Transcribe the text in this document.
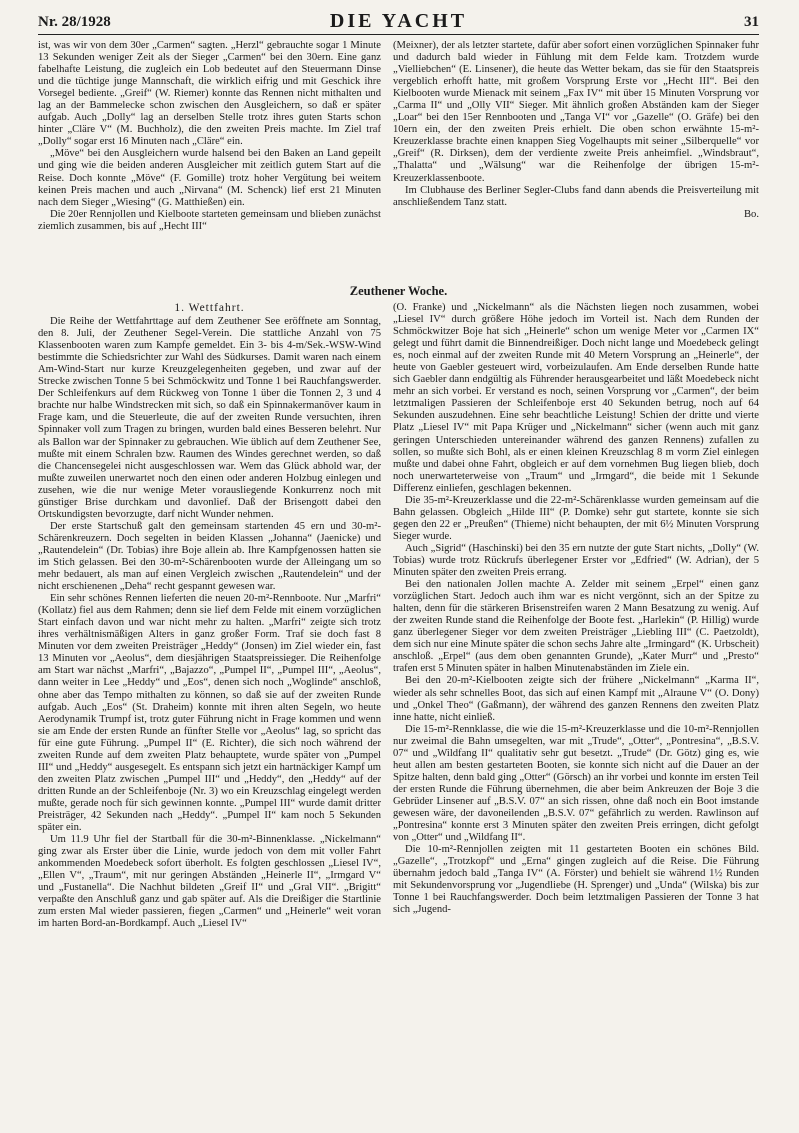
Nr. 28/1928	DIE YACHT	31

ist, was wir von dem 30er „Carmen“ sagten. „Herzl“ gebrauchte sogar 1 Minute 13 Sekunden weniger Zeit als der Sieger „Carmen“ bei den 30ern. Eine ganz fabelhafte Leistung, die zugleich ein Lob bedeutet auf den Steuermann Dinse und die tüchtige junge Mannschaft, die wirklich eifrig und mit Geschick ihre Vorsegel bediente. „Greif“ (W. Riemer) konnte das Rennen nicht mithalten und lag an der Bammelecke schon zwischen den Ausgleichern, so daß er später aufgab. Auch „Dolly“ lag an derselben Stelle trotz ihres guten Starts schon hinter „Cläre V“ (M. Buchholz), die den zweiten Preis machte. Im Ziel traf „Dolly“ sogar erst 16 Minuten nach „Cläre“ ein.

„Möve“ bei den Ausgleichern wurde halsend bei den Baken an Land gepeilt und ging wie die beiden anderen Ausgleicher mit zeitlich gutem Start auf die Reise. Doch konnte „Möve“ (F. Gomille) trotz hoher Vergütung bei weitem keinen Preis machen und auch „Nirvana“ (M. Schenck) lief erst 21 Minuten nach dem Sieger „Wiesing“ (G. Matthießen) ein.

Die 20er Rennjollen und Kielboote starteten gemeinsam und blieben zunächst ziemlich zusammen, bis auf „Hecht III“

(Meixner), der als letzter startete, dafür aber sofort einen vorzüglichen Spinnaker fuhr und dadurch bald wieder in Fühlung mit dem Felde kam. Trotzdem wurde „Vielliebchen“ (E. Linsener), die heute das Wetter bekam, das sie für den Staatspreis vergeblich erhofft hatte, mit großem Vorsprung Erste vor „Hecht III“. Bei den Kielbooten wurde Mienack mit seinem „Fax IV“ mit über 15 Minuten Vorsprung vor „Carma II“ und „Olly VII“ Sieger. Mit ähnlich großen Abständen kam der Sieger „Loar“ bei den 15er Rennbooten und „Tanga VI“ vor „Gazelle“ (O. Gräfe) bei den 10ern ein, der den zweiten Preis erhielt. Die oben schon erwähnte 15-m²-Kreuzerklasse brachte einen knappen Sieg Vogelhaupts mit seiner „Silberquelle“ vor „Greif“ (R. Dirksen), dem der verdiente zweite Preis anheimfiel. „Windsbraut“, „Thalatta“ und „Wälsung“ war die Reihenfolge der übrigen 15-m²-Kreuzerklassenboote.

Im Clubhause des Berliner Segler-Clubs fand dann abends die Preisverteilung mit anschließendem Tanz statt.

Bo.
Zeuthener Woche.
1. Wettfahrt.

Die Reihe der Wettfahrttage auf dem Zeuthener See eröffnete am Sonntag, den 8. Juli, der Zeuthener Segel-Verein. Die stattliche Anzahl von 75 Klassenbooten waren zum Kampfe gemeldet. Ein 3- bis 4-m/Sek.-WSW-Wind bestimmte die Schiedsrichter zur Wahl des Südkurses. Damit waren nach einem Am-Wind-Start nur kurze Kreuzgelegenheiten gegeben, und zwar auf der Strecke zwischen Tonne 5 bei Schmöckwitz und Tonne 1 bei Rauchfangswerder. Der Schleifenkurs auf dem Rückweg von Tonne 1 über die Tonnen 2, 3 und 4 brachte nur halbe Windstrecken mit sich, so daß ein Spinnakermanöver kaum in Frage kam, und die Steuerleute, die auf der zweiten Runde versuchten, ihren Spinnaker voll zum Tragen zu bringen, wurden bald eines Besseren belehrt. Nur als Ballon war der Spinnaker zu gebrauchen. Wie üblich auf dem Zeuthener See, mußte mit einem Schralen bzw. Raumen des Windes gerechnet werden, so daß die Chancensegelei nicht ausgeschlossen war. Wem das Glück abhold war, der mußte zuweilen unerwartet noch den einen oder anderen Holzbug einlegen und zusehen, wie die nur wenige Meter vorausliegende Konkurrenz noch mit günstiger Brise durchkam und davonlief. Daß der Brisengott dabei den Ortskundigsten bevorzugte, darf nicht Wunder nehmen.

Der erste Startschuß galt den gemeinsam startenden 45 ern und 30-m²-Schärenkreuzern. Doch segelten in beiden Klassen „Johanna“ (Jaenicke) und „Rautendelein“ (Dr. Tobias) ihre Boje allein ab. Ihre Kampfgenossen hatten sie im Stich gelassen. Bei den 30-m²-Schärenbooten wurde der Alleingang um so mehr bedauert, als man auf einen Vergleich zwischen „Rautendelein“ und der nicht erschienenen „Deha“ recht gespannt gewesen war.

Ein sehr schönes Rennen lieferten die neuen 20-m²-Rennboote. Nur „Marfri“ (Kollatz) fiel aus dem Rahmen; denn sie lief dem Felde mit einem vorzüglichen Start einfach davon und war nicht mehr zu halten. „Marfri“ zeigte sich trotz ihres verhältnismäßigen Alters in ganz großer Form. Traf sie doch fast 8 Minuten vor dem zweiten Preisträger „Heddy“ (Jonsen) im Ziel wieder ein, fast 13 Minuten vor „Aeolus“, dem diesjährigen Staatspreissieger. Die Reihenfolge am Start war nächst „Marfri“, „Bajazzo“, „Pumpel II“, „Pumpel III“, „Aeolus“, dann weiter in Lee „Heddy“ und „Eos“, denen sich noch „Woglinde“ anschloß, ohne aber das Tempo mithalten zu können, so daß sie auf der zweiten Runde aufgab. Auch „Eos“ (St. Draheim) konnte mit ihren alten Segeln, wo heute Aerodynamik Trumpf ist, trotz guter Führung nicht in Frage kommen und wenn sie am Ende der ersten Runde an fünfter Stelle vor „Aeolus“ lag, so spricht das für eine gute Führung. „Pumpel II“ (E. Richter), die sich noch während der zweiten Runde auf dem zweiten Platz behauptete, wurde später von „Pumpel III“ und „Heddy“ ausgesegelt. Es entspann sich jetzt ein hartnäckiger Kampf um den zweiten Platz zwischen „Pumpel III“ und „Heddy“, den „Heddy“ auf der dritten Runde an der Schleifenboje (Nr. 3) wo ein Kreuzschlag eingelegt werden mußte, gerade noch für sich gewinnen konnte. „Pumpel III“ wurde damit dritter Preisträger, 42 Sekunden nach „Heddy“. „Pumpel II“ kam noch 5 Sekunden später ein.

Um 11.9 Uhr fiel der Startball für die 30-m²-Binnenklasse. „Nickelmann“ ging zwar als Erster über die Linie, wurde jedoch von dem mit voller Fahrt ankommenden Moedebeck sofort überholt. Es folgten geschlossen „Liesel IV“, „Ellen V“, „Traum“, mit nur geringen Abständen „Heinerle II“, „Irmgard V“ und „Fustanella“. Die Nachhut bildeten „Greif II“ und „Gral VII“. „Brigitt“ verpaßte den Anschluß ganz und gab später auf. Als die Dreißiger die Startlinie zum ersten Mal wieder passieren, fiegen „Carmen“ und „Heinerle“ weit voran im harten Bord-an-Bordkampf. Auch „Liesel IV“

(O. Franke) und „Nickelmann“ als die Nächsten liegen noch zusammen, wobei „Liesel IV“ durch größere Höhe jedoch im Vorteil ist. Nach dem Runden der Schmöckwitzer Boje hat sich „Heinerle“ schon um wenige Meter vor „Carmen IX“ gelegt und führt damit die Binnendreißiger. Doch nicht lange und Moedebeck gelingt es, noch einmal auf der zweiten Runde mit 40 Metern Vorsprung an „Heinerle“, der heute von Gaebler gesteuert wird, vorbeizulaufen. Am Ende derselben Runde hatte sich Gaebler dann endgültig als Führender herausgearbeitet und läßt Moedebeck nicht mehr an sich vorbei. Er verstand es noch, seinen Vorsprung vor „Carmen“, der beim letztmaligen Passieren der Schleifenboje erst 40 Sekunden betrug, noch auf 64 Sekunden auszudehnen. Eine sehr beachtliche Leistung! Schien der dritte und vierte Platz „Liesel IV“ mit Papa Krüger und „Nickelmann“ sicher (wenn auch mit ganz geringen Unterschieden untereinander während des ganzen Rennens) zufallen zu sollen, so mußte sich Bohl, als er einen kleinen Kreuzschlag 8 m vorm Ziel einlegen mußte und dabei ohne Fahrt, obgleich er auf dem vornehmen Bug liegen blieb, doch noch unerwarteterweise von „Traum“ und „Irmgard“, die beide mit 1 Sekunde Differenz einliefen, geschlagen bekennen.

Die 35-m²-Kreuzerklasse und die 22-m²-Schärenklasse wurden gemeinsam auf die Bahn gelassen. Obgleich „Hilde III“ (P. Domke) sehr gut startete, konnte sie sich gegen den 22 er „Preußen“ (Thieme) nicht behaupten, der mit 6½ Minuten Vorsprung Sieger wurde.

Auch „Sigrid“ (Haschinski) bei den 35 ern nutzte der gute Start nichts, „Dolly“ (W. Tobias) wurde trotz Rückrufs überlegener Erster vor „Edfried“ (W. Adrian), der 5 Minuten später den zweiten Preis errang.

Bei den nationalen Jollen machte A. Zelder mit seinem „Erpel“ einen ganz vorzüglichen Start. Jedoch auch ihm war es nicht vergönnt, sich an der Spitze zu halten, denn für die stärkeren Brisenstreifen waren 2 Mann Besatzung zu wenig. Auf der zweiten Runde stand die Reihenfolge der Boote fest. „Harlekin“ (P. Hillig) wurde ganz überlegener Sieger vor dem zweiten Preisträger „Liebling III“ (C. Paetzoldt), dem sich nur eine Minute später die schon sechs Jahre alte „Irmingard“ (K. Urbscheit) anschloß. „Erpel“ (aus dem oben genannten Grunde), „Kater Murr“ und „Presto“ trafen erst 5 Minuten später in halben Minutenabständen im Ziele ein.

Bei den 20-m²-Kielbooten zeigte sich der frühere „Nickelmann“ „Karma II“, wieder als sehr schnelles Boot, das sich auf einen Kampf mit „Alraune V“ (O. Dony) und „Onkel Theo“ (Gaßmann), der während des ganzen Rennens den zweiten Platz inne hatte, nicht einließ.

Die 15-m²-Rennklasse, die wie die 15-m²-Kreuzerklasse und die 10-m²-Rennjollen nur zweimal die Bahn umsegelten, war mit „Trude“, „Otter“, „Pontresina“, „B.S.V. 07“ und „Wildfang II“ qualitativ sehr gut besetzt. „Trude“ (Dr. Götz) ging es, wie heut allen am besten gestarteten Booten, sie konnte sich nicht auf die Dauer an der Spitze halten, denn bald ging „Otter“ (Görsch) an ihr vorbei und konnte im ersten Teil der ersten Runde die Führung übernehmen, die aber beim Ankreuzen der Boje 3 die Gebrüder Linsener auf „B.S.V. 07“ an sich rissen, ohne daß noch ein Boot imstande gewesen wäre, der davoneilenden „B.S.V. 07“ gefährlich zu werden. Rawlinson auf „Pontresina“ konnte erst 3 Minuten später den zweiten Preis erringen, dicht gefolgt von „Otter“ und „Wildfang II“.

Die 10-m²-Rennjollen zeigten mit 11 gestarteten Booten ein schönes Bild. „Gazelle“, „Trotzkopf“ und „Erna“ gingen zugleich auf die Reise. Die Führung übernahm jedoch bald „Tanga IV“ (A. Förster) und behielt sie während 1½ Runden mit Sekundenvorsprung vor „Jugendliebe (H. Sprenger) und „Unda“ (Wilska) bis zur Tonne 1 bei Rauchfangswerder. Doch beim letztmaligen Passieren der Tonne 3 hat sich „Jugend-
